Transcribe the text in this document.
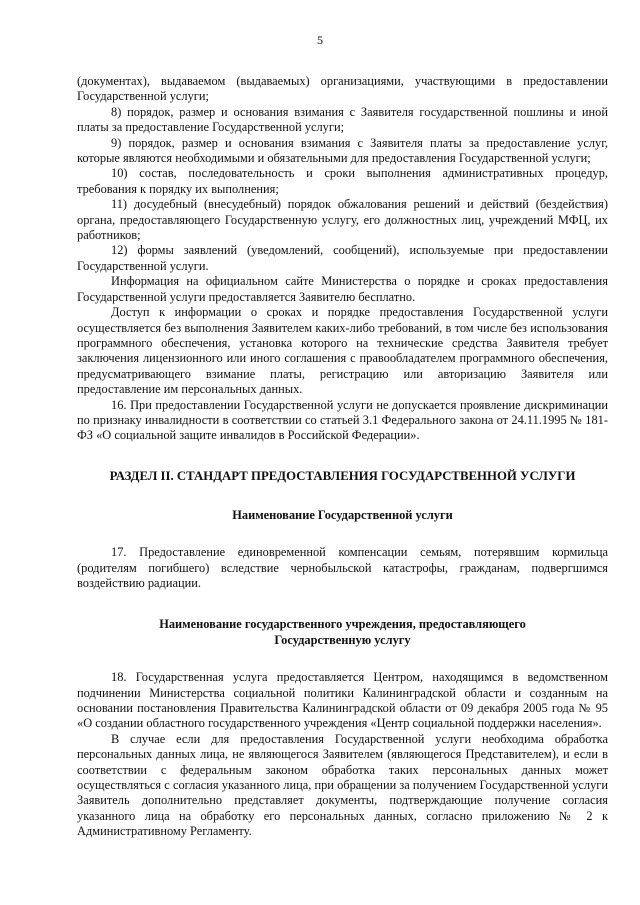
5

(документах), выдаваемом (выдаваемых) организациями, участвующими в предоставлении Государственной услуги;

8) порядок, размер и основания взимания с Заявителя государственной пошлины и иной платы за предоставление Государственной услуги;

9) порядок, размер и основания взимания с Заявителя платы за предоставление услуг, которые являются необходимыми и обязательными для предоставления Государственной услуги;

10) состав, последовательность и сроки выполнения административных процедур, требования к порядку их выполнения;

11) досудебный (внесудебный) порядок обжалования решений и действий (бездействия) органа, предоставляющего Государственную услугу, его должностных лиц, учреждений МФЦ, их работников;

12) формы заявлений (уведомлений, сообщений), используемые при предоставлении Государственной услуги.

Информация на официальном сайте Министерства о порядке и сроках предоставления Государственной услуги предоставляется Заявителю бесплатно.

Доступ к информации о сроках и порядке предоставления Государственной услуги осуществляется без выполнения Заявителем каких-либо требований, в том числе без использования программного обеспечения, установка которого на технические средства Заявителя требует заключения лицензионного или иного соглашения с правообладателем программного обеспечения, предусматривающего взимание платы, регистрацию или авторизацию Заявителя или предоставление им персональных данных.

16. При предоставлении Государственной услуги не допускается проявление дискриминации по признаку инвалидности в соответствии со статьей 3.1 Федерального закона от 24.11.1995 № 181-ФЗ «О социальной защите инвалидов в Российской Федерации».

РАЗДЕЛ II. СТАНДАРТ ПРЕДОСТАВЛЕНИЯ ГОСУДАРСТВЕННОЙ УСЛУГИ
Наименование Государственной услуги

17. Предоставление единовременной компенсации семьям, потерявшим кормильца (родителям погибшего) вследствие чернобыльской катастрофы, гражданам, подвергшимся воздействию радиации.

Наименование государственного учреждения, предоставляющего
Государственную услугу

18. Государственная услуга предоставляется Центром, находящимся в ведомственном подчинении Министерства социальной политики Калининградской области и созданным на основании постановления Правительства Калининградской области от 09 декабря 2005 года № 95 «О создании областного государственного учреждения «Центр социальной поддержки населения».

В случае если для предоставления Государственной услуги необходима обработка персональных данных лица, не являющегося Заявителем (являющегося Представителем), и если в соответствии с федеральным законом обработка таких персональных данных может осуществляться с согласия указанного лица, при обращении за получением Государственной услуги Заявитель дополнительно представляет документы, подтверждающие получение согласия указанного лица на обработку его персональных данных, согласно приложению № 2 к Административному Регламенту.
